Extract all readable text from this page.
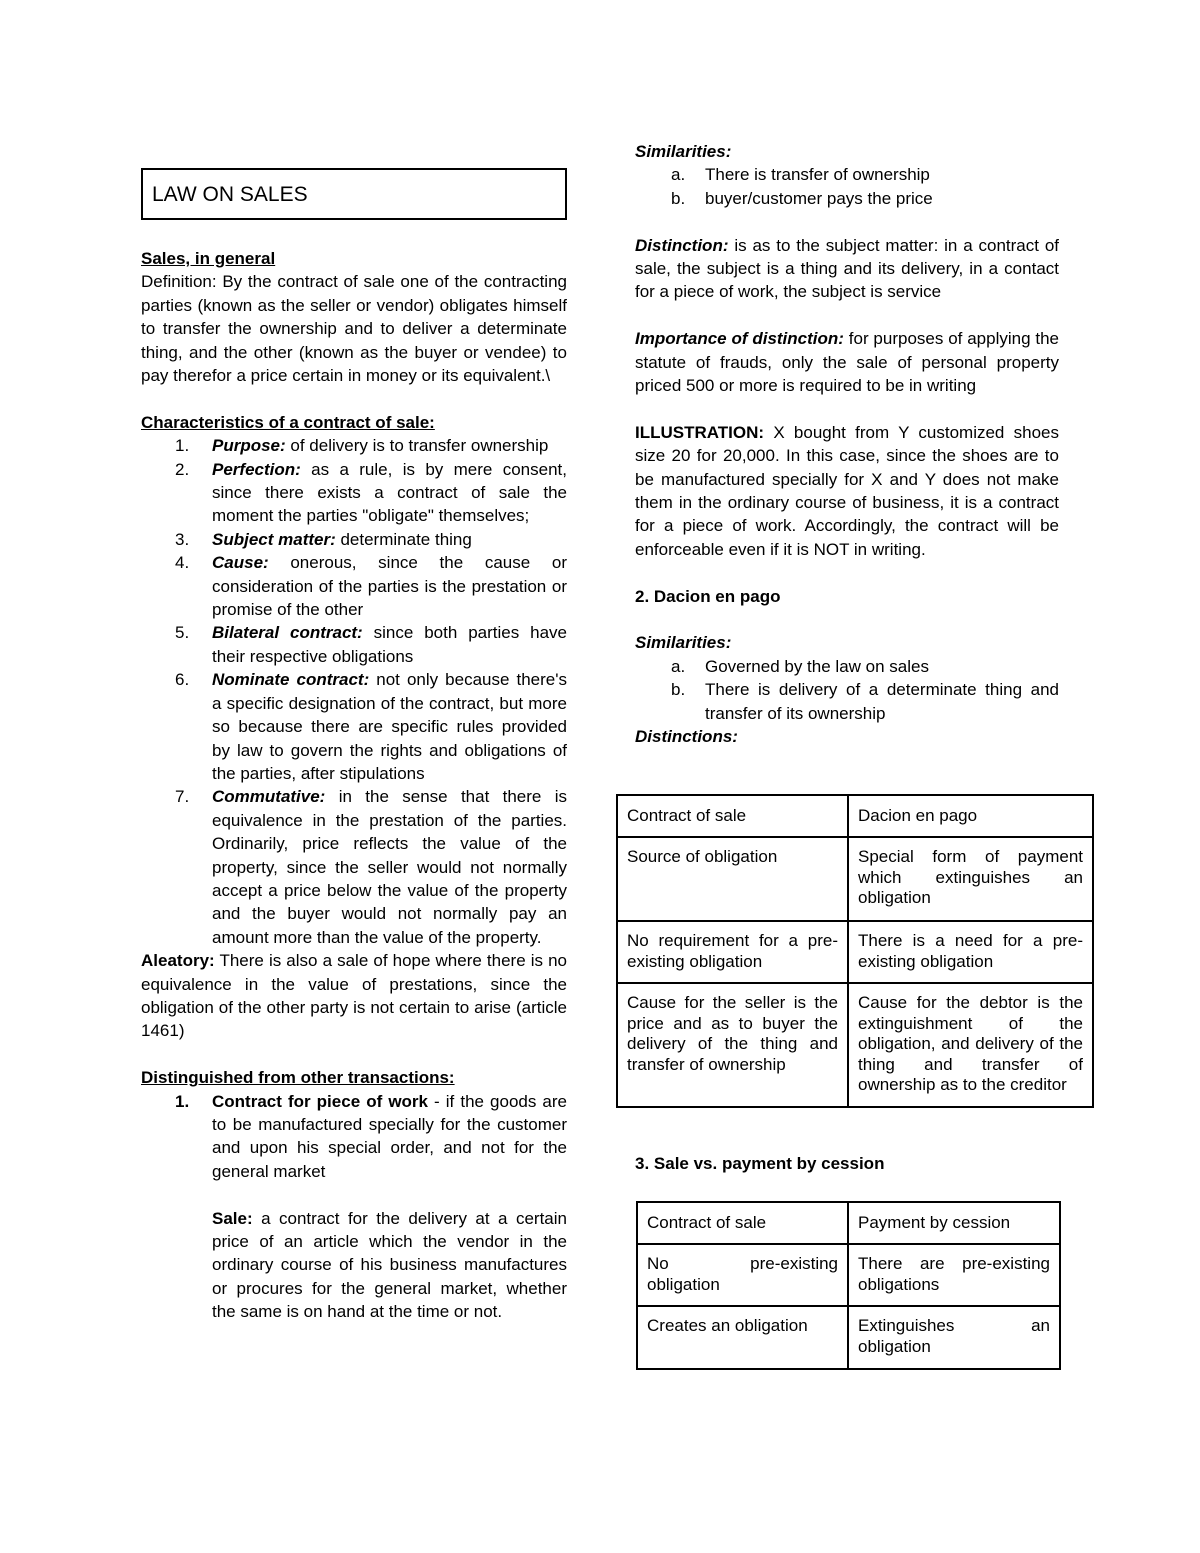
LAW ON SALES

Sales, in general

Definition: By the contract of sale one of the contracting parties (known as the seller or vendor) obligates himself to transfer the ownership and to deliver a determinate thing, and the other (known as the buyer or vendee) to pay therefor a price certain in money or its equivalent.\

Characteristics of a contract of sale:

1. Purpose: of delivery is to transfer ownership
2. Perfection: as a rule, is by mere consent, since there exists a contract of sale the moment the parties "obligate" themselves;
3. Subject matter: determinate thing
4. Cause: onerous, since the cause or consideration of the parties is the prestation or promise of the other
5. Bilateral contract: since both parties have their respective obligations
6. Nominate contract: not only because there's a specific designation of the contract, but more so because there are specific rules provided by law to govern the rights and obligations of the parties, after stipulations
7. Commutative: in the sense that there is equivalence in the prestation of the parties. Ordinarily, price reflects the value of the property, since the seller would not normally accept a price below the value of the property and the buyer would not normally pay an amount more than the value of the property.

Aleatory: There is also a sale of hope where there is no equivalence in the value of prestations, since the obligation of the other party is not certain to arise (article 1461)

Distinguished from other transactions:

1. Contract for piece of work - if the goods are to be manufactured specially for the customer and upon his special order, and not for the general market

Sale: a contract for the delivery at a certain price of an article which the vendor in the ordinary course of his business manufactures or procures for the general market, whether the same is on hand at the time or not.

Similarities:

a. There is transfer of ownership
b. buyer/customer pays the price

Distinction: is as to the subject matter: in a contract of sale, the subject is a thing and its delivery, in a contact for a piece of work, the subject is service

Importance of distinction: for purposes of applying the statute of frauds, only the sale of personal property priced 500 or more is required to be in writing

ILLUSTRATION: X bought from Y customized shoes size 20 for 20,000. In this case, since the shoes are to be manufactured specially for X and Y does not make them in the ordinary course of business, it is a contract for a piece of work. Accordingly, the contract will be enforceable even if it is NOT in writing.

2. Dacion en pago

Similarities:

a. Governed by the law on sales
b. There is delivery of a determinate thing and transfer of its ownership

Distinctions:

Contract of sale	Dacion en pago
Source of obligation	Special form of payment which extinguishes an obligation
No requirement for a pre-existing obligation	There is a need for a pre-existing obligation
Cause for the seller is the price and as to buyer the delivery of the thing and transfer of ownership	Cause for the debtor is the extinguishment of the obligation, and delivery of the thing and transfer of ownership as to the creditor

3. Sale vs. payment by cession

Contract of sale	Payment by cession
No pre-existing obligation	There are pre-existing obligations
Creates an obligation	Extinguishes an obligation
